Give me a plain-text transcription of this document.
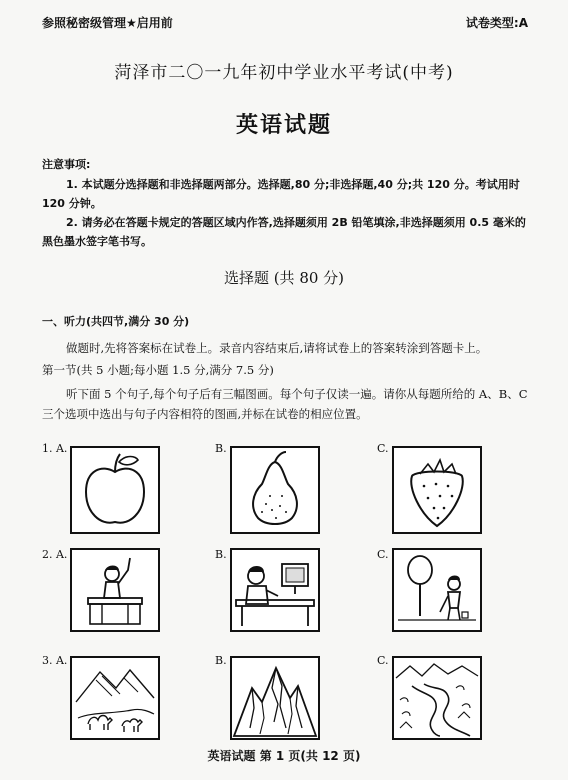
参照秘密级管理★启用前	试卷类型:A
菏泽市二〇一九年初中学业水平考试(中考)
英语试题
注意事项:
1. 本试题分选择题和非选择题两部分。选择题,80 分;非选择题,40 分;共 120 分。考试用时 120 分钟。
2. 请务必在答题卡规定的答题区域内作答,选择题须用 2B 铅笔填涂,非选择题须用 0.5 毫米的黑色墨水签字笔书写。
选择题 (共 80 分)
一、听力(共四节,满分 30 分)
做题时,先将答案标在试卷上。录音内容结束后,请将试卷上的答案转涂到答题卡上。
第一节(共 5 小题;每小题 1.5 分,满分 7.5 分)
听下面 5 个句子,每个句子后有三幅图画。每个句子仅读一遍。请你从每题所给的 A、B、C 三个选项中选出与句子内容相符的图画,并标在试卷的相应位置。
1. A.	B.	C.
2. A.	B.	C.
3. A.	B.	C.
英语试题 第 1 页(共 12 页)
